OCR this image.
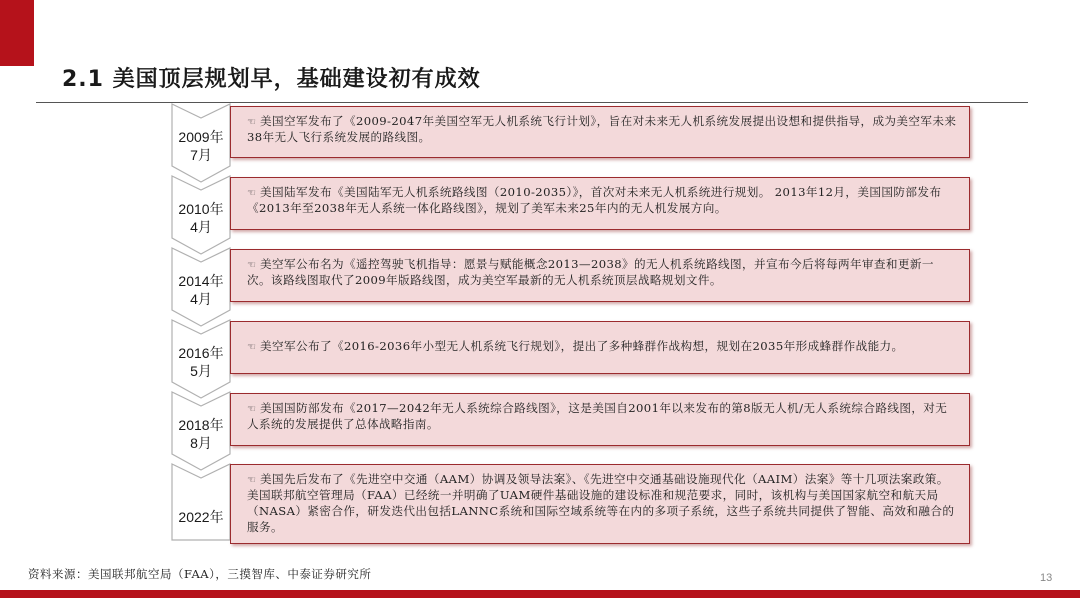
2.1 美国顶层规划早，基础建设初有成效
2009年
7月
☜ 美国空军发布了《2009-2047年美国空军无人机系统飞行计划》，旨在对未来无人机系统发展提出设想和提供指导，成为美空军未来38年无人飞行系统发展的路线图。
2010年
4月
☜ 美国陆军发布《美国陆军无人机系统路线图（2010-2035）》，首次对未来无人机系统进行规划。 2013年12月，美国国防部发布《2013年至2038年无人系统一体化路线图》，规划了美军未来25年内的无人机发展方向。
2014年
4月
☜ 美空军公布名为《遥控驾驶飞机指导：愿景与赋能概念2013—2038》的无人机系统路线图，并宣布今后将每两年审查和更新一次。该路线图取代了2009年版路线图，成为美空军最新的无人机系统顶层战略规划文件。
2016年
5月
☜ 美空军公布了《2016-2036年小型无人机系统飞行规划》，提出了多种蜂群作战构想，规划在2035年形成蜂群作战能力。
2018年
8月
☜ 美国国防部发布《2017—2042年无人系统综合路线图》，这是美国自2001年以来发布的第8版无人机/无人系统综合路线图，对无人系统的发展提供了总体战略指南。
2022年
☜ 美国先后发布了《先进空中交通（AAM）协调及领导法案》、《先进空中交通基础设施现代化（AAIM）法案》等十几项法案政策。 美国联邦航空管理局（FAA）已经统一并明确了UAM硬件基础设施的建设标准和规范要求，同时，该机构与美国国家航空和航天局（NASA）紧密合作，研发迭代出包括LANNC系统和国际空域系统等在内的多项子系统，这些子系统共同提供了智能、高效和融合的服务。
资料来源：美国联邦航空局（FAA），三摸智库、中泰证券研究所	13
